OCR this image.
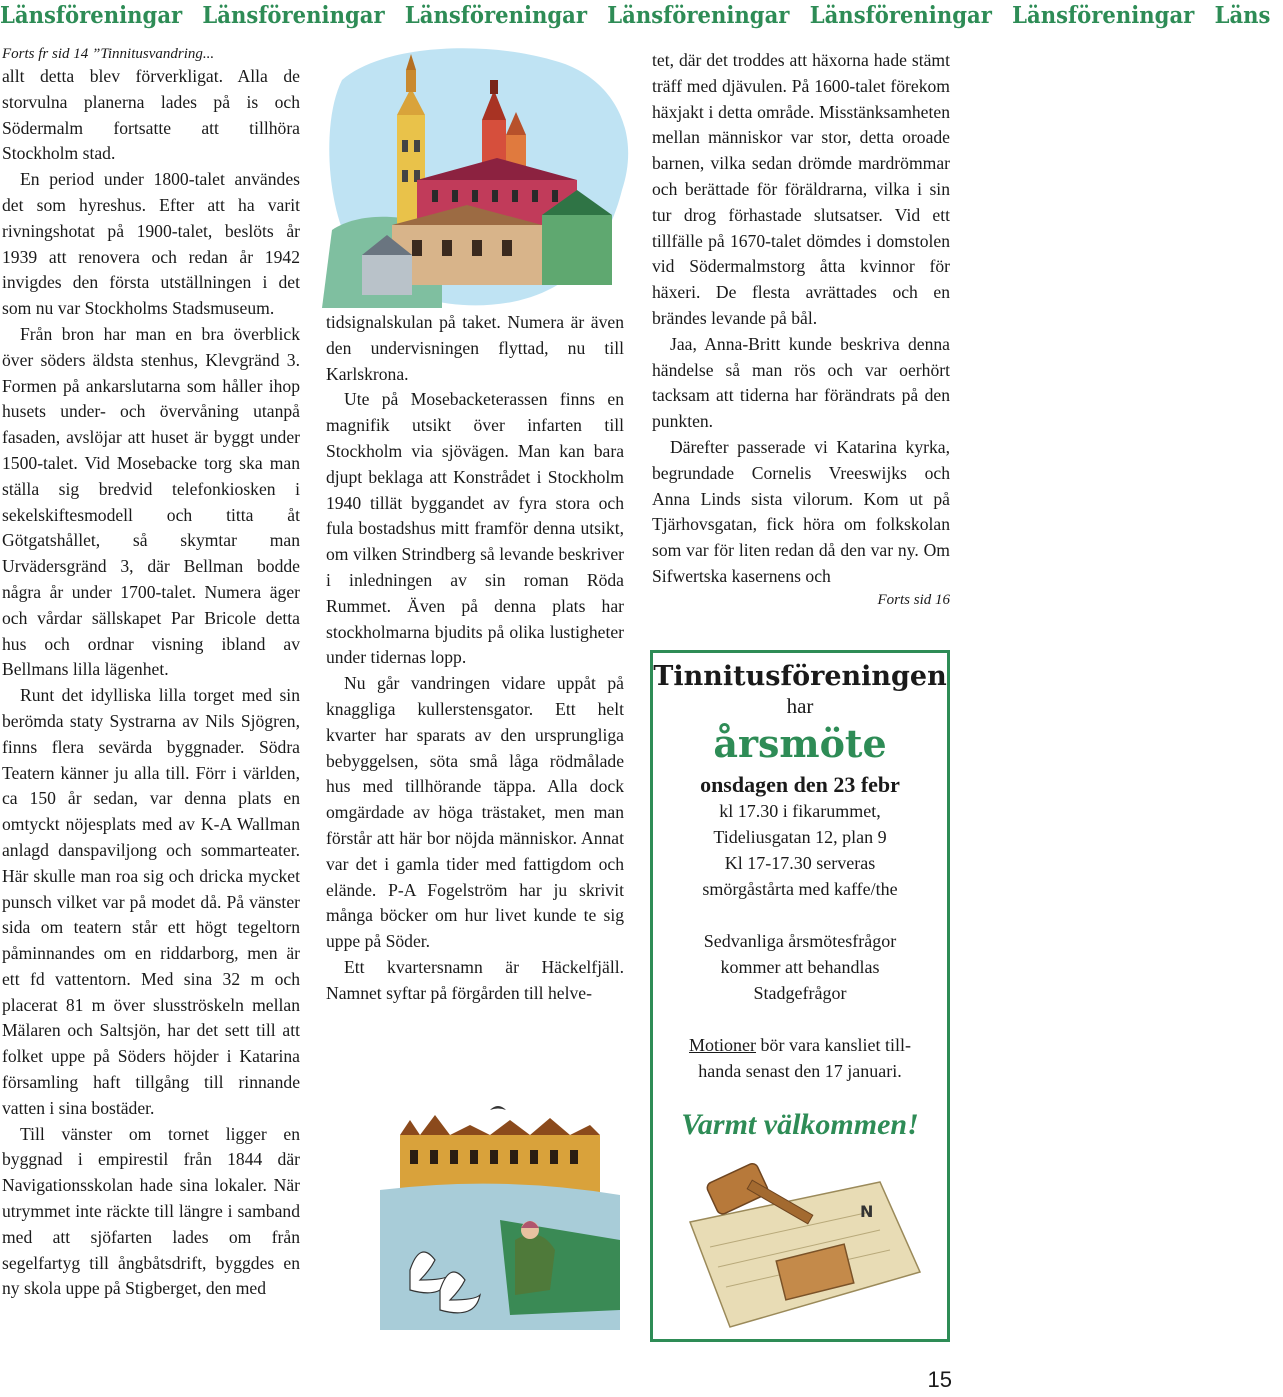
Länsföreningar Länsföreningar Länsföreningar Länsföreningar Länsföreningar Länsföreningar Läns

Forts fr sid 14 ”Tinnitusvandring...

allt detta blev förverkligat. Alla de storvulna planerna lades på is och Södermalm fortsatte att tillhöra Stockholm stad.

En period under 1800-talet användes det som hyreshus. Efter att ha varit rivningshotat på 1900-talet, beslöts år 1939 att renovera och redan år 1942 invigdes den första utställningen i det som nu var Stockholms Stadsmuseum.

Från bron har man en bra överblick över söders äldsta stenhus, Klevgränd 3. Formen på ankarslutarna som håller ihop husets under- och övervåning utanpå fasaden, avslöjar att huset är byggt under 1500-talet. Vid Mosebacke torg ska man ställa sig bredvid telefonkiosken i sekelskiftesmodell och titta åt Götgatshållet, så skymtar man Urvädersgränd 3, där Bellman bodde några år under 1700-talet. Numera äger och vårdar sällskapet Par Bricole detta hus och ordnar visning ibland av Bellmans lilla lägenhet.

Runt det idylliska lilla torget med sin berömda staty Systrarna av Nils Sjögren, finns flera sevärda byggnader. Södra Teatern känner ju alla till. Förr i världen, ca 150 år sedan, var denna plats en omtyckt nöjesplats med av K-A Wallman anlagd danspaviljong och sommarteater. Här skulle man roa sig och dricka mycket punsch vilket var på modet då. På vänster sida om teatern står ett högt tegeltorn påminnandes om en riddarborg, men är ett fd vattentorn. Med sina 32 m och placerat 81 m över slusströskeln mellan Mälaren och Saltsjön, har det sett till att folket uppe på Söders höjder i Katarina församling haft tillgång till rinnande vatten i sina bostäder.

Till vänster om tornet ligger en byggnad i empirestil från 1844 där Navigationsskolan hade sina lokaler. När utrymmet inte räckte till längre i samband med att sjöfarten lades om från segelfartyg till ångbåtsdrift, byggdes en ny skola uppe på Stigberget, den med

tidsignalskulan på taket. Numera är även den undervisningen flyttad, nu till Karlskrona.

Ute på Mosebacketerassen finns en magnifik utsikt över infarten till Stockholm via sjövägen. Man kan bara djupt beklaga att Konstrådet i Stockholm 1940 tillät byggandet av fyra stora och fula bostadshus mitt framför denna utsikt, om vilken Strindberg så levande beskriver i inledningen av sin roman Röda Rummet. Även på denna plats har stockholmarna bjudits på olika lustigheter under tidernas lopp.

Nu går vandringen vidare uppåt på knaggliga kullerstensgator. Ett helt kvarter har sparats av den ursprungliga bebyggelsen, söta små låga rödmålade hus med tillhörande täppa. Alla dock omgärdade av höga trästaket, men man förstår att här bor nöjda människor. Annat var det i gamla tider med fattigdom och elände. P-A Fogelström har ju skrivit många böcker om hur livet kunde te sig uppe på Söder.

Ett kvartersnamn är Häckelfjäll. Namnet syftar på förgården till helve-

tet, där det troddes att häxorna hade stämt träff med djävulen. På 1600-talet förekom häxjakt i detta område. Misstänksamheten mellan människor var stor, detta oroade barnen, vilka sedan drömde mardrömmar och berättade för föräldrarna, vilka i sin tur drog förhastade slutsatser. Vid ett tillfälle på 1670-talet dömdes i domstolen vid Södermalmstorg åtta kvinnor för häxeri. De flesta avrättades och en brändes levande på bål.

Jaa, Anna-Britt kunde beskriva denna händelse så man rös och var oerhört tacksam att tiderna har förändrats på den punkten.

Därefter passerade vi Katarina kyrka, begrundade Cornelis Vreeswijks och Anna Linds sista vilorum. Kom ut på Tjärhovsgatan, fick höra om folkskolan som var för liten redan då den var ny. Om Sifwertska kasernens och

Forts sid 16

Tinnitusföreningen
har
årsmöte
onsdagen den 23 febr
kl 17.30 i fikarummet,
Tideliusgatan 12, plan 9
Kl 17-17.30 serveras
smörgåstårta med kaffe/the
Sedvanliga årsmötesfrågor
kommer att behandlas
Stadgefrågor
Motioner bör vara kansliet till-
handa senast den 17 januari.
Varmt välkommen!
N
15
